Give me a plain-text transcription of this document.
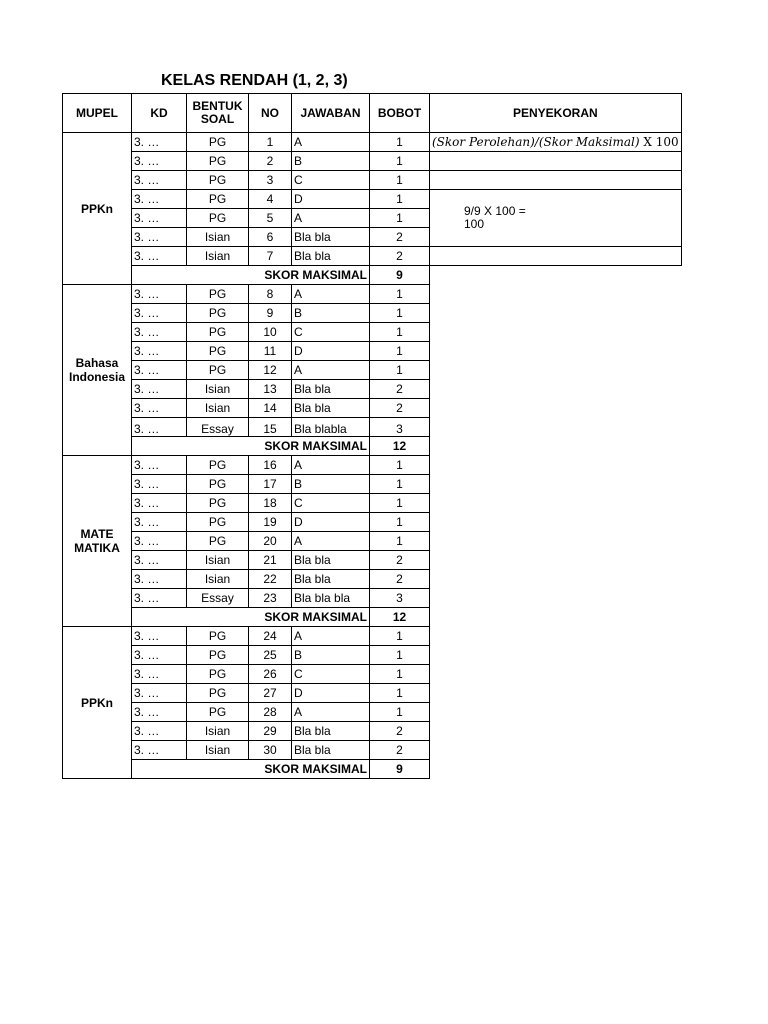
KELAS RENDAH (1, 2, 3)
MUPEL	KD	BENTUK SOAL	NO	JAWABAN	BOBOT	PENYEKORAN
PPKn	3. …	PG	1	A	1	(Skor Perolehan)/(Skor Maksimal) X 100
	3. …	PG	2	B	1	
	3. …	PG	3	C	1	
	3. …	PG	4	D	1	9/9 X 100 =
100

	3. …	PG	5	A	1	
	3. …	Isian	6	Bla bla	2	
	3. …	Isian	7	Bla bla	2	
	SKOR MAKSIMAL				9	
Bahasa
Indonesia	3. …	PG	8	A	1	
	3. …	PG	9	B	1	
	3. …	PG	10	C	1	
	3. …	PG	11	D	1	
	3. …	PG	12	A	1	
	3. …	Isian	13	Bla bla	2	
	3. …	Isian	14	Bla bla	2	
	3. …	Essay	15	Bla blabla	3	
	SKOR MAKSIMAL				12	
MATE
MATIKA	3. …	PG	16	A	1	
	3. …	PG	17	B	1	
	3. …	PG	18	C	1	
	3. …	PG	19	D	1	
	3. …	PG	20	A	1	
	3. …	Isian	21	Bla bla	2	
	3. …	Isian	22	Bla bla	2	
	3. …	Essay	23	Bla bla bla	3	
	SKOR MAKSIMAL				12	
PPKn	3. …	PG	24	A	1	
	3. …	PG	25	B	1	
	3. …	PG	26	C	1	
	3. …	PG	27	D	1	
	3. …	PG	28	A	1	
	3. …	Isian	29	Bla bla	2	
	3. …	Isian	30	Bla bla	2	
	SKOR MAKSIMAL				9	
